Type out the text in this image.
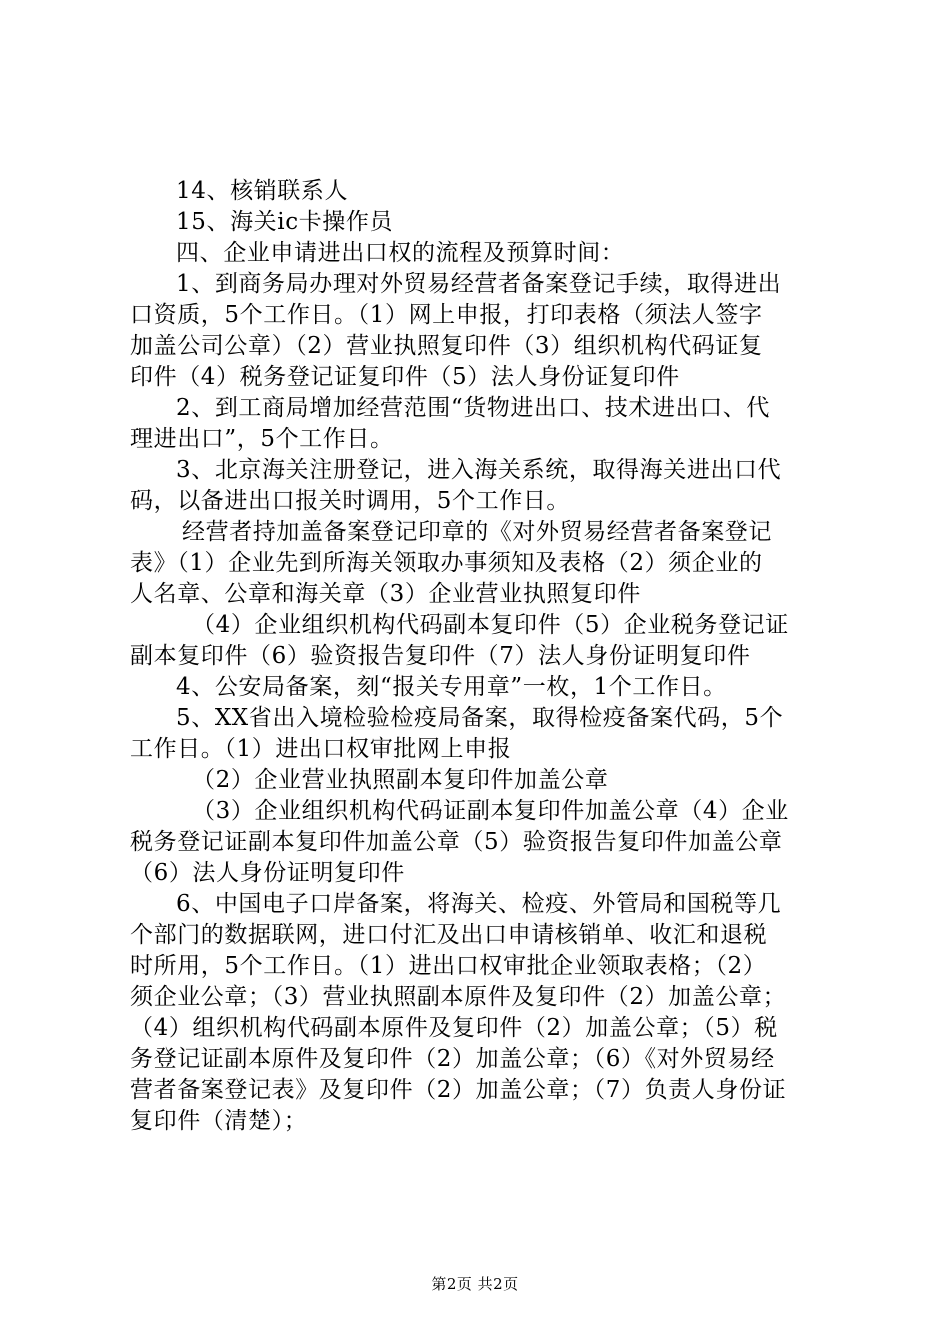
14、核销联系人
15、海关ic卡操作员
四、企业申请进出口权的流程及预算时间：
1、到商务局办理对外贸易经营者备案登记手续，取得进出
口资质，5个工作日。（1）网上申报，打印表格（须法人签字
加盖公司公章）（2）营业执照复印件（3）组织机构代码证复
印件（4）税务登记证复印件（5）法人身份证复印件
2、到工商局增加经营范围“货物进出口、技术进出口、代
理进出口”，5个工作日。
3、北京海关注册登记，进入海关系统，取得海关进出口代
码，以备进出口报关时调用，5个工作日。
经营者持加盖备案登记印章的《对外贸易经营者备案登记
表》（1）企业先到所海关领取办事须知及表格（2）须企业的
人名章、公章和海关章（3）企业营业执照复印件
（4）企业组织机构代码副本复印件（5）企业税务登记证
副本复印件（6）验资报告复印件（7）法人身份证明复印件
4、公安局备案，刻“报关专用章”一枚，1个工作日。
5、XX省出入境检验检疫局备案，取得检疫备案代码，5个
工作日。（1）进出口权审批网上申报
（2）企业营业执照副本复印件加盖公章
（3）企业组织机构代码证副本复印件加盖公章（4）企业
税务登记证副本复印件加盖公章（5）验资报告复印件加盖公章
（6）法人身份证明复印件
6、中国电子口岸备案，将海关、检疫、外管局和国税等几
个部门的数据联网，进口付汇及出口申请核销单、收汇和退税
时所用，5个工作日。（1）进出口权审批企业领取表格；（2）
须企业公章；（3）营业执照副本原件及复印件（2）加盖公章；
（4）组织机构代码副本原件及复印件（2）加盖公章；（5）税
务登记证副本原件及复印件（2）加盖公章；（6）《对外贸易经
营者备案登记表》及复印件（2）加盖公章；（7）负责人身份证
复印件（清楚）；
第2页 共2页
